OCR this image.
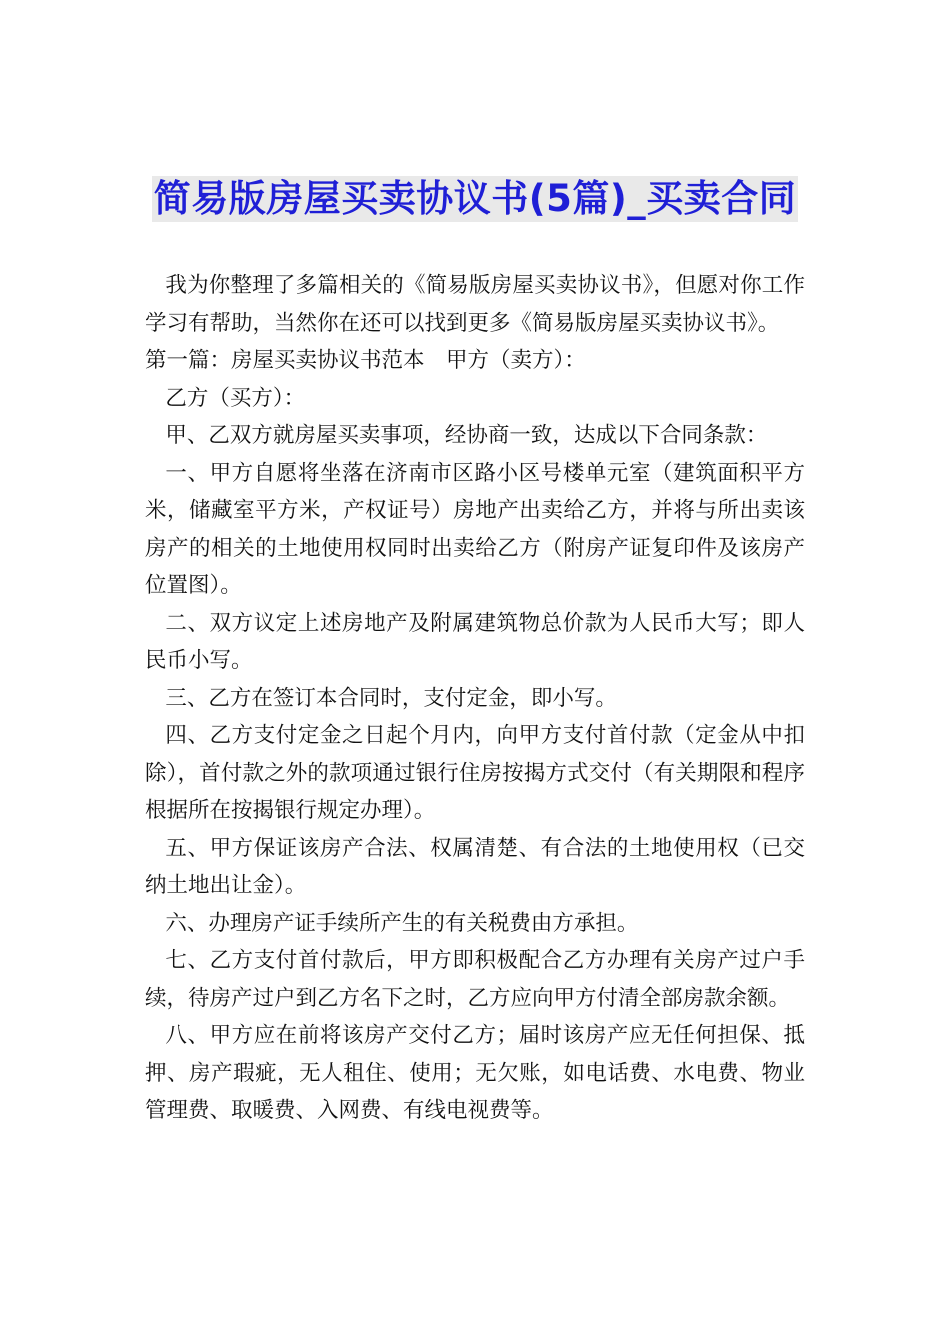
简易版房屋买卖协议书(5篇)_买卖合同

我为你整理了多篇相关的《简易版房屋买卖协议书》，但愿对你工作学习有帮助，当然你在还可以找到更多《简易版房屋买卖协议书》。

第一篇：房屋买卖协议书范本　甲方（卖方）：

乙方（买方）：

甲、乙双方就房屋买卖事项，经协商一致，达成以下合同条款：

一、甲方自愿将坐落在济南市区路小区号楼单元室（建筑面积平方米，储藏室平方米，产权证号）房地产出卖给乙方，并将与所出卖该房产的相关的土地使用权同时出卖给乙方（附房产证复印件及该房产位置图）。

二、双方议定上述房地产及附属建筑物总价款为人民币大写；即人民币小写。

三、乙方在签订本合同时，支付定金，即小写。

四、乙方支付定金之日起个月内，向甲方支付首付款（定金从中扣除），首付款之外的款项通过银行住房按揭方式交付（有关期限和程序根据所在按揭银行规定办理）。

五、甲方保证该房产合法、权属清楚、有合法的土地使用权（已交纳土地出让金）。

六、办理房产证手续所产生的有关税费由方承担。

七、乙方支付首付款后，甲方即积极配合乙方办理有关房产过户手续，待房产过户到乙方名下之时，乙方应向甲方付清全部房款余额。

八、甲方应在前将该房产交付乙方；届时该房产应无任何担保、抵押、房产瑕疵，无人租住、使用；无欠账，如电话费、水电费、物业管理费、取暖费、入网费、有线电视费等。
